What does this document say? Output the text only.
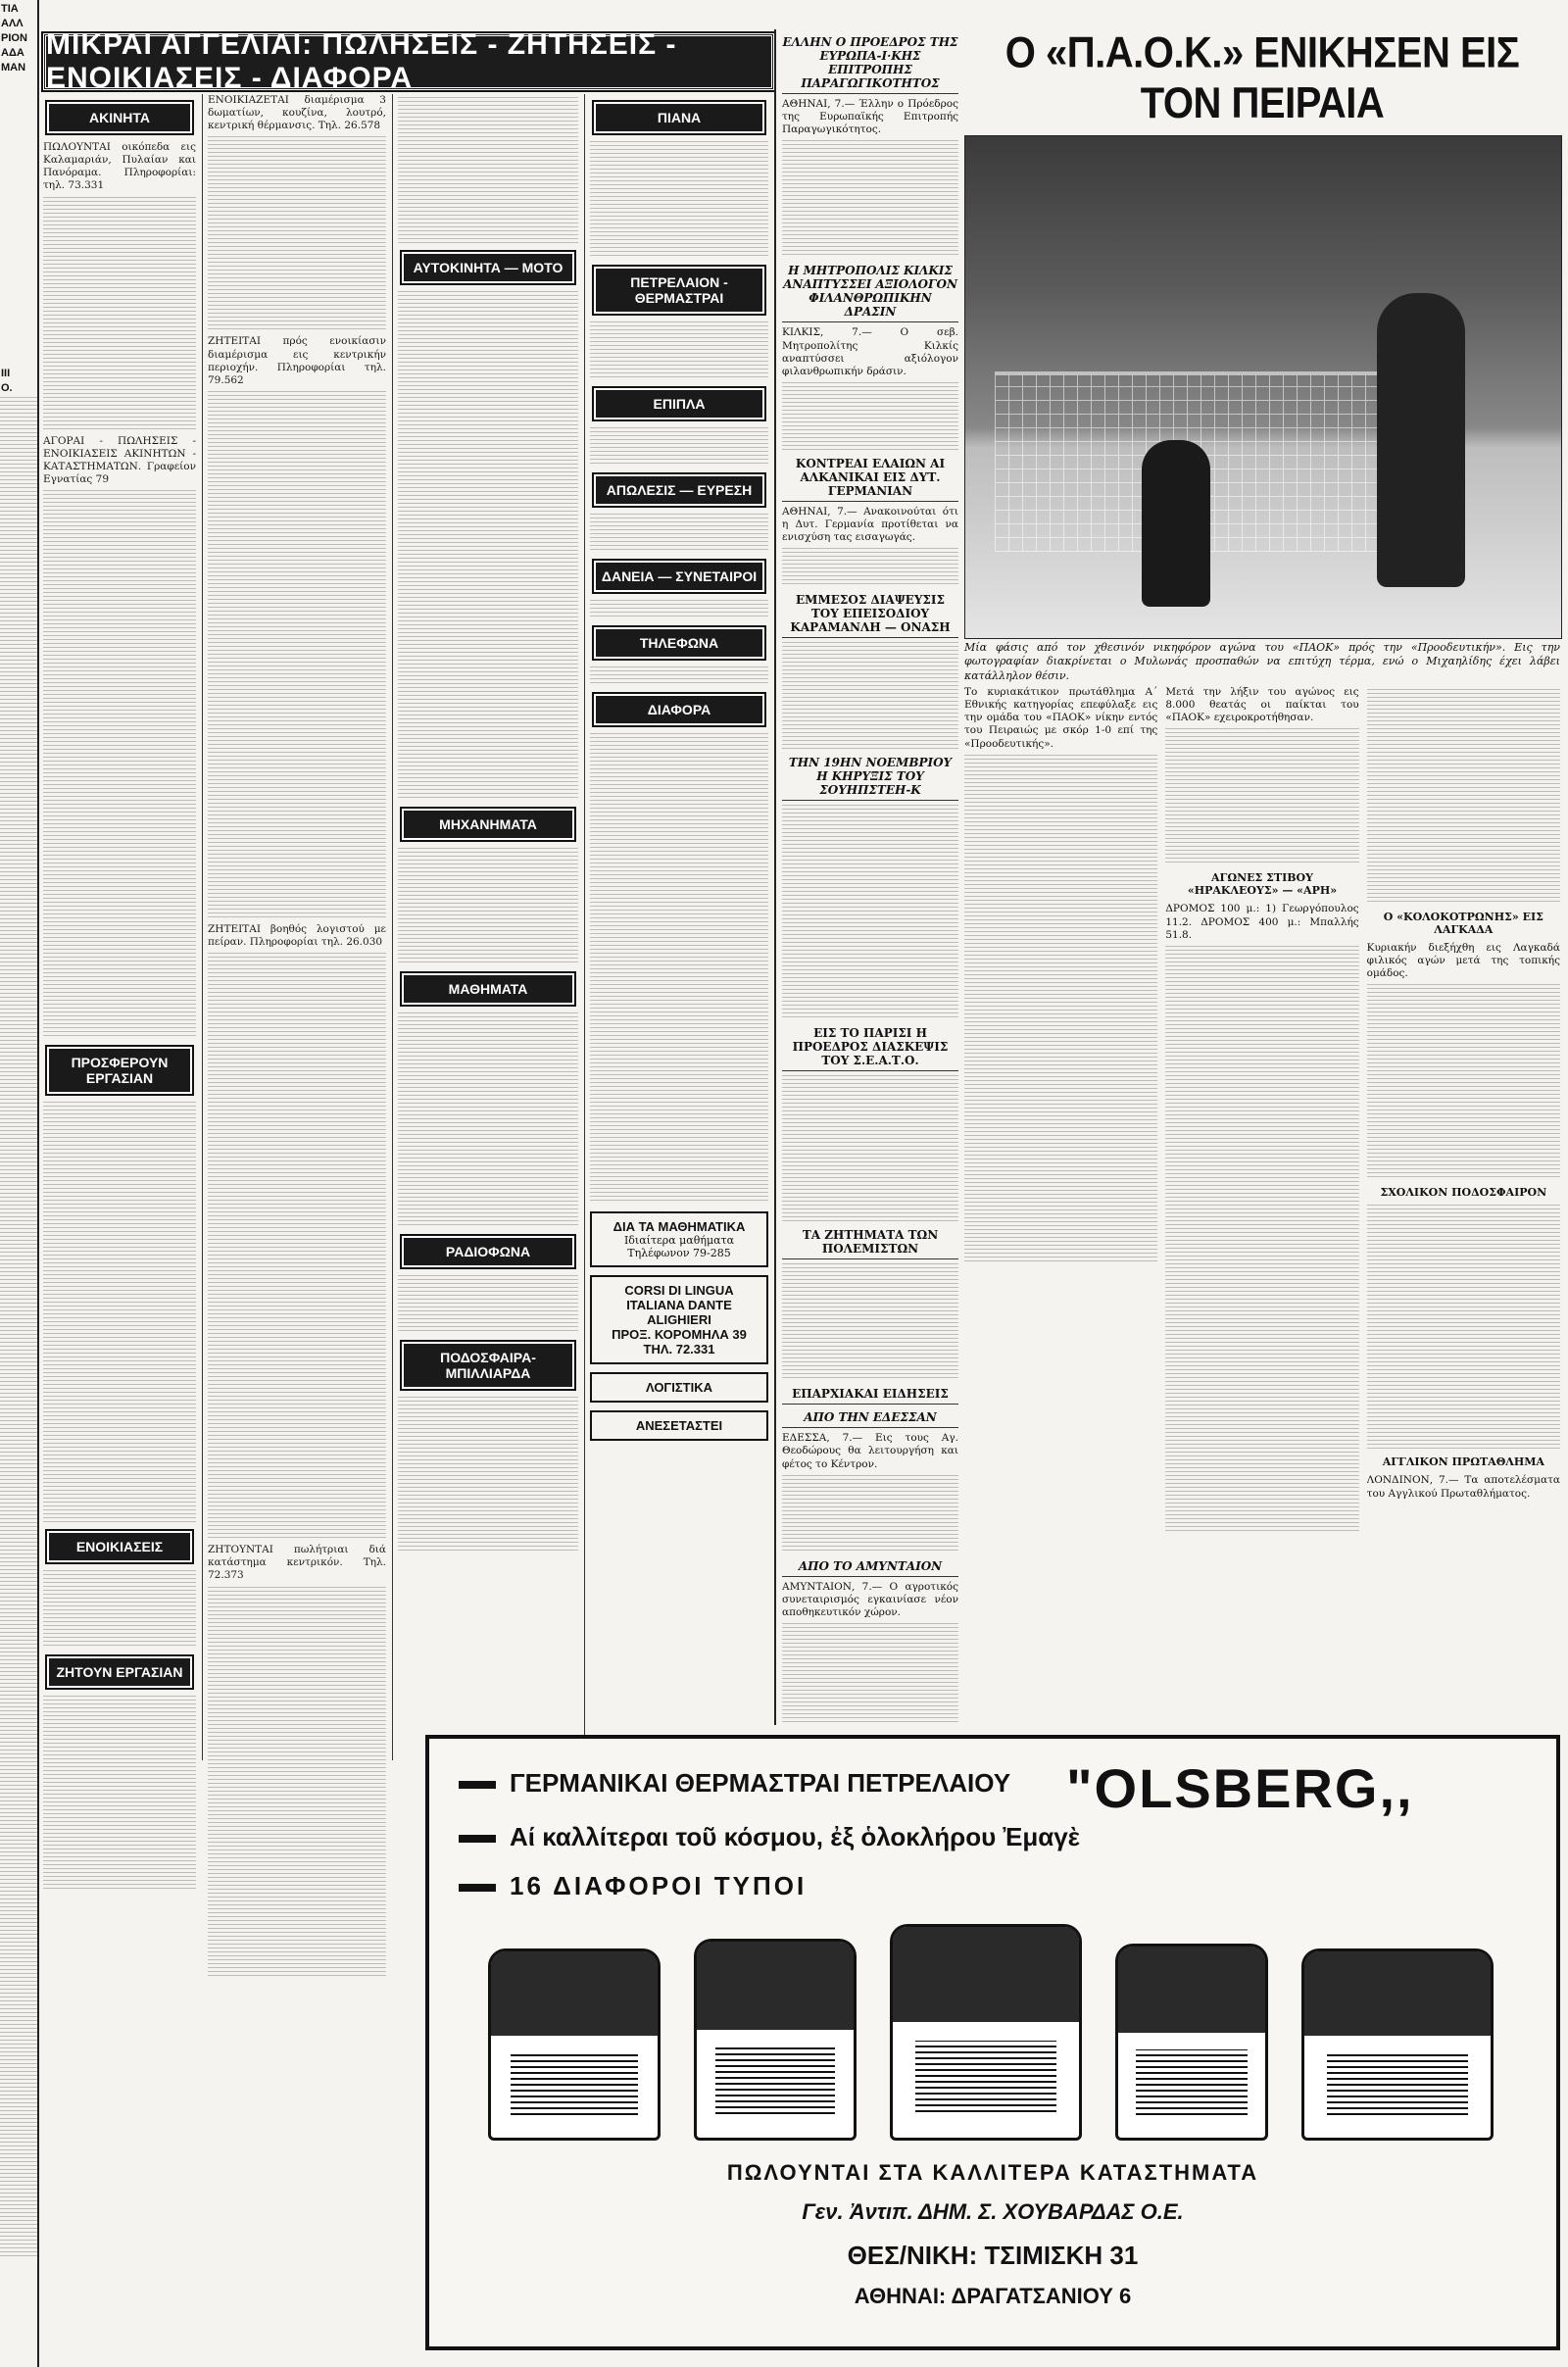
ΤΙΑ
ΑΛΛ
ΡΙΟΝ
ΑΔΑ
ΜΑΝ
ΙΙΙ
Ο.
ΜΙΚΡΑΙ ΑΓΓΕΛΙΑΙ: ΠΩΛΗΣΕΙΣ - ΖΗΤΗΣΕΙΣ - ΕΝΟΙΚΙΑΣΕΙΣ - ΔΙΑΦΟΡΑ
ΑΚΙΝΗΤΑ

ΠΩΛΟΥΝΤΑΙ οικόπεδα εις Καλαμαριάν, Πυλαίαν και Πανόραμα. Πληροφορίαι: τηλ. 73.331

ΑΓΟΡΑΙ - ΠΩΛΗΣΕΙΣ - ΕΝΟΙΚΙΑΣΕΙΣ ΑΚΙΝΗΤΩΝ - ΚΑΤΑΣΤΗΜΑΤΩΝ. Γραφείον Εγνατίας 79

ΠΡΟΣΦΕΡΟΥΝ ΕΡΓΑΣΙΑΝ
ΕΝΟΙΚΙΑΣΕΙΣ
ΖΗΤΟΥΝ ΕΡΓΑΣΙΑΝ

ΕΝΟΙΚΙΑΖΕΤΑΙ διαμέρισμα 3 δωματίων, κουζίνα, λουτρό, κεντρική θέρμανσις. Τηλ. 26.578

ΖΗΤΕΙΤΑΙ πρός ενοικίασιν διαμέρισμα εις κεντρικήν περιοχήν. Πληροφορίαι τηλ. 79.562

ΖΗΤΕΙΤΑΙ βοηθός λογιστού με πείραν. Πληροφορίαι τηλ. 26.030

ΖΗΤΟΥΝΤΑΙ πωλήτριαι διά κατάστημα κεντρικόν. Τηλ. 72.373

ΑΥΤΟΚΙΝΗΤΑ — ΜΟΤΟ
ΜΗΧΑΝΗΜΑΤΑ
ΜΑΘΗΜΑΤΑ
ΡΑΔΙΟΦΩΝΑ
ΠΟΔΟΣΦΑΙΡΑ-ΜΠΙΛΛΙΑΡΔΑ
ΠΙΑΝΑ
ΠΕΤΡΕΛΑΙΟΝ - ΘΕΡΜΑΣΤΡΑΙ
ΕΠΙΠΛΑ
ΑΠΩΛΕΣΙΣ — ΕΥΡΕΣΗ
ΔΑΝΕΙΑ — ΣΥΝΕΤΑΙΡΟΙ
ΤΗΛΕΦΩΝΑ
ΔΙΑΦΟΡΑ
ΔΙΑ ΤΑ ΜΑΘΗΜΑΤΙΚΑ
Ιδιαίτερα μαθήματα Τηλέφωνον 79-285
CORSI DI LINGUA ITALIANA DANTE ALIGHIERI
ΠΡΟΞ. ΚΟΡΟΜΗΛΑ 39
ΤΗΛ. 72.331
ΛΟΓΙΣΤΙΚΑ
ΑΝΕΣΕΤΑΣΤΕΙ
ΕΛΛΗΝ Ο ΠΡΟΕΔΡΟΣ ΤΗΣ ΕΥΡΩΠΑ-Ι·ΚΗΣ ΕΠΙΤΡΟΠΗΣ ΠΑΡΑΓΩΓΙΚΟΤΗΤΟΣ

ΑΘΗΝΑΙ, 7.— Έλλην ο Πρόεδρος της Ευρωπαϊκής Επιτροπής Παραγωγικότητος.

Η ΜΗΤΡΟΠΟΛΙΣ ΚΙΛΚΙΣ ΑΝΑΠΤΥΣΣΕΙ ΑΞΙΟΛΟΓΟΝ ΦΙΛΑΝΘΡΩΠΙΚΗΝ ΔΡΑΣΙΝ

ΚΙΛΚΙΣ, 7.— Ο σεβ. Μητροπολίτης Κιλκίς αναπτύσσει αξιόλογον φιλανθρωπικήν δράσιν.

ΚΟΝΤΡΕΑΙ ΕΛΑΙΩΝ ΑΙ ΑΛΚΑΝΙΚΑΙ ΕΙΣ ΔΥΤ. ΓΕΡΜΑΝΙΑΝ

ΑΘΗΝΑΙ, 7.— Ανακοινούται ότι η Δυτ. Γερμανία προτίθεται να ενισχύση τας εισαγωγάς.

ΕΜΜΕΣΟΣ ΔΙΑΨΕΥΣΙΣ ΤΟΥ ΕΠΕΙΣΟΔΙΟΥ ΚΑΡΑΜΑΝΛΗ — ΟΝΑΣΗ
ΤΗΝ 19ΗΝ ΝΟΕΜΒΡΙΟΥ Η ΚΗΡΥΞΙΣ ΤΟΥ ΣΟΥΗΠΣΤΕΗ-Κ
ΕΙΣ ΤΟ ΠΑΡΙΣΙ Η ΠΡΟΕΔΡΟΣ ΔΙΑΣΚΕΨΙΣ ΤΟΥ Σ.Ε.Α.Τ.Ο.
ΤΑ ΖΗΤΗΜΑΤΑ ΤΩΝ ΠΟΛΕΜΙΣΤΩΝ
ΕΠΑΡΧΙΑΚΑΙ ΕΙΔΗΣΕΙΣ
ΑΠΟ ΤΗΝ ΕΔΕΣΣΑΝ

ΕΔΕΣΣΑ, 7.— Εις τους Αγ. Θεοδώρους θα λειτουργήση και φέτος το Κέντρον.

ΑΠΟ ΤΟ ΑΜΥΝΤΑΙΟΝ

ΑΜΥΝΤΑΙΟΝ, 7.— Ο αγροτικός συνεταιρισμός εγκαινίασε νέον αποθηκευτικόν χώρον.

Ο «Π.Α.Ο.Κ.» ΕΝΙΚΗΣΕΝ ΕΙΣ ΤΟΝ ΠΕΙΡΑΙΑ
Μία φάσις από τον χθεσινόν νικηφόρον αγώνα του «ΠΑΟΚ» πρός την «Προοδευτικήν». Εις την φωτογραφίαν διακρίνεται ο Μυλωνάς προσπαθών να επιτύχη τέρμα, ενώ ο Μιχαηλίδης έχει λάβει κατάλληλον θέσιν.

Το κυριακάτικον πρωτάθλημα Α΄ Εθνικής κατηγορίας επεφύλαξε εις την ομάδα του «ΠΑΟΚ» νίκην εντός του Πειραιώς με σκόρ 1-0 επί της «Προοδευτικής».

Μετά την λήξιν του αγώνος εις 8.000 θεατάς οι παίκται του «ΠΑΟΚ» εχειροκροτήθησαν.

ΑΓΩΝΕΣ ΣΤΙΒΟΥ «ΗΡΑΚΛΕΟΥΣ» — «ΑΡΗ»

ΔΡΟΜΟΣ 100 μ.: 1) Γεωργόπουλος 11.2. ΔΡΟΜΟΣ 400 μ.: Μπαλλής 51.8.

Ο «ΚΟΛΟΚΟΤΡΩΝΗΣ» ΕΙΣ ΛΑΓΚΑΔΑ

Κυριακήν διεξήχθη εις Λαγκαδά φιλικός αγών μετά της τοπικής ομάδος.

ΣΧΟΛΙΚΟΝ ΠΟΔΟΣΦΑΙΡΟΝ
ΑΓΓΛΙΚΟΝ ΠΡΩΤΑΘΛΗΜΑ

ΛΟΝΔΙΝΟΝ, 7.— Τα αποτελέσματα του Αγγλικού Πρωταθλήματος.

ΓΕΡΜΑΝΙΚΑΙ ΘΕΡΜΑΣΤΡΑΙ ΠΕΤΡΕΛΑΙΟΥ "OLSBERG,,
Αί καλλίτεραι τοῦ κόσμου, ἐξ ὁλοκλήρου Ἐμαγὲ
16 ΔΙΑΦΟΡΟΙ ΤΥΠΟΙ
ΠΩΛΟΥΝΤΑΙ ΣΤΑ ΚΑΛΛΙΤΕΡΑ ΚΑΤΑΣΤΗΜΑΤΑ
Γεν. Ἀντιπ. ΔΗΜ. Σ. ΧΟΥΒΑΡΔΑΣ Ο.Ε.
ΘΕΣ/ΝΙΚΗ: ΤΣΙΜΙΣΚΗ 31
ΑΘΗΝΑΙ: ΔΡΑΓΑΤΣΑΝΙΟΥ 6
